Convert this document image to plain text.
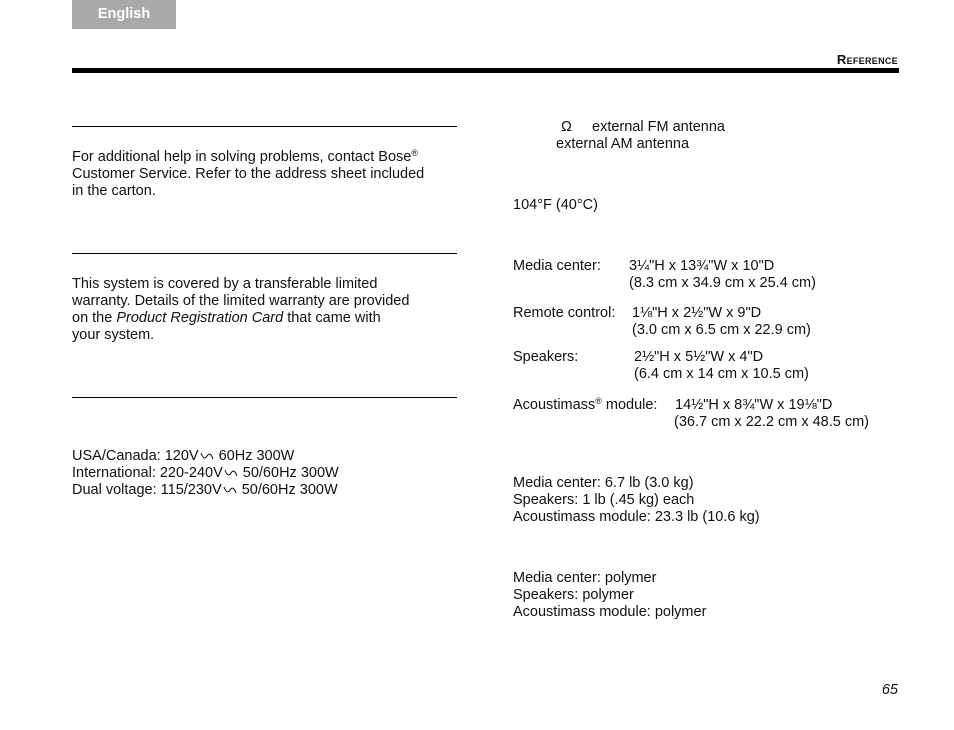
English
Reference
For additional help in solving problems, contact Bose®
Customer Service. Refer to the address sheet included
in the carton.
This system is covered by a transferable limited
warranty. Details of the limited warranty are provided
on the Product Registration Card that came with
your system.
USA/Canada: 120V 60Hz 300W
International: 220-240V 50/60Hz 300W
Dual voltage: 115/230V 50/60Hz 300W
Ω external FM antenna
external AM antenna
104°F (40°C)
Media center: 3¼"H x 13¾"W x 10"D
(8.3 cm x 34.9 cm x 25.4 cm)
Remote control: 1⅛"H x 2½"W x 9"D
(3.0 cm x 6.5 cm x 22.9 cm)
Speakers:	2½"H x 5½"W x 4"D
(6.4 cm x 14 cm x 10.5 cm)
Acoustimass® module: 14½"H x 8¾"W x 19⅛"D
(36.7 cm x 22.2 cm x 48.5 cm)
Media center: 6.7 lb (3.0 kg)
Speakers: 1 lb (.45 kg) each
Acoustimass module: 23.3 lb (10.6 kg)
Media center: polymer
Speakers: polymer
Acoustimass module: polymer
65
